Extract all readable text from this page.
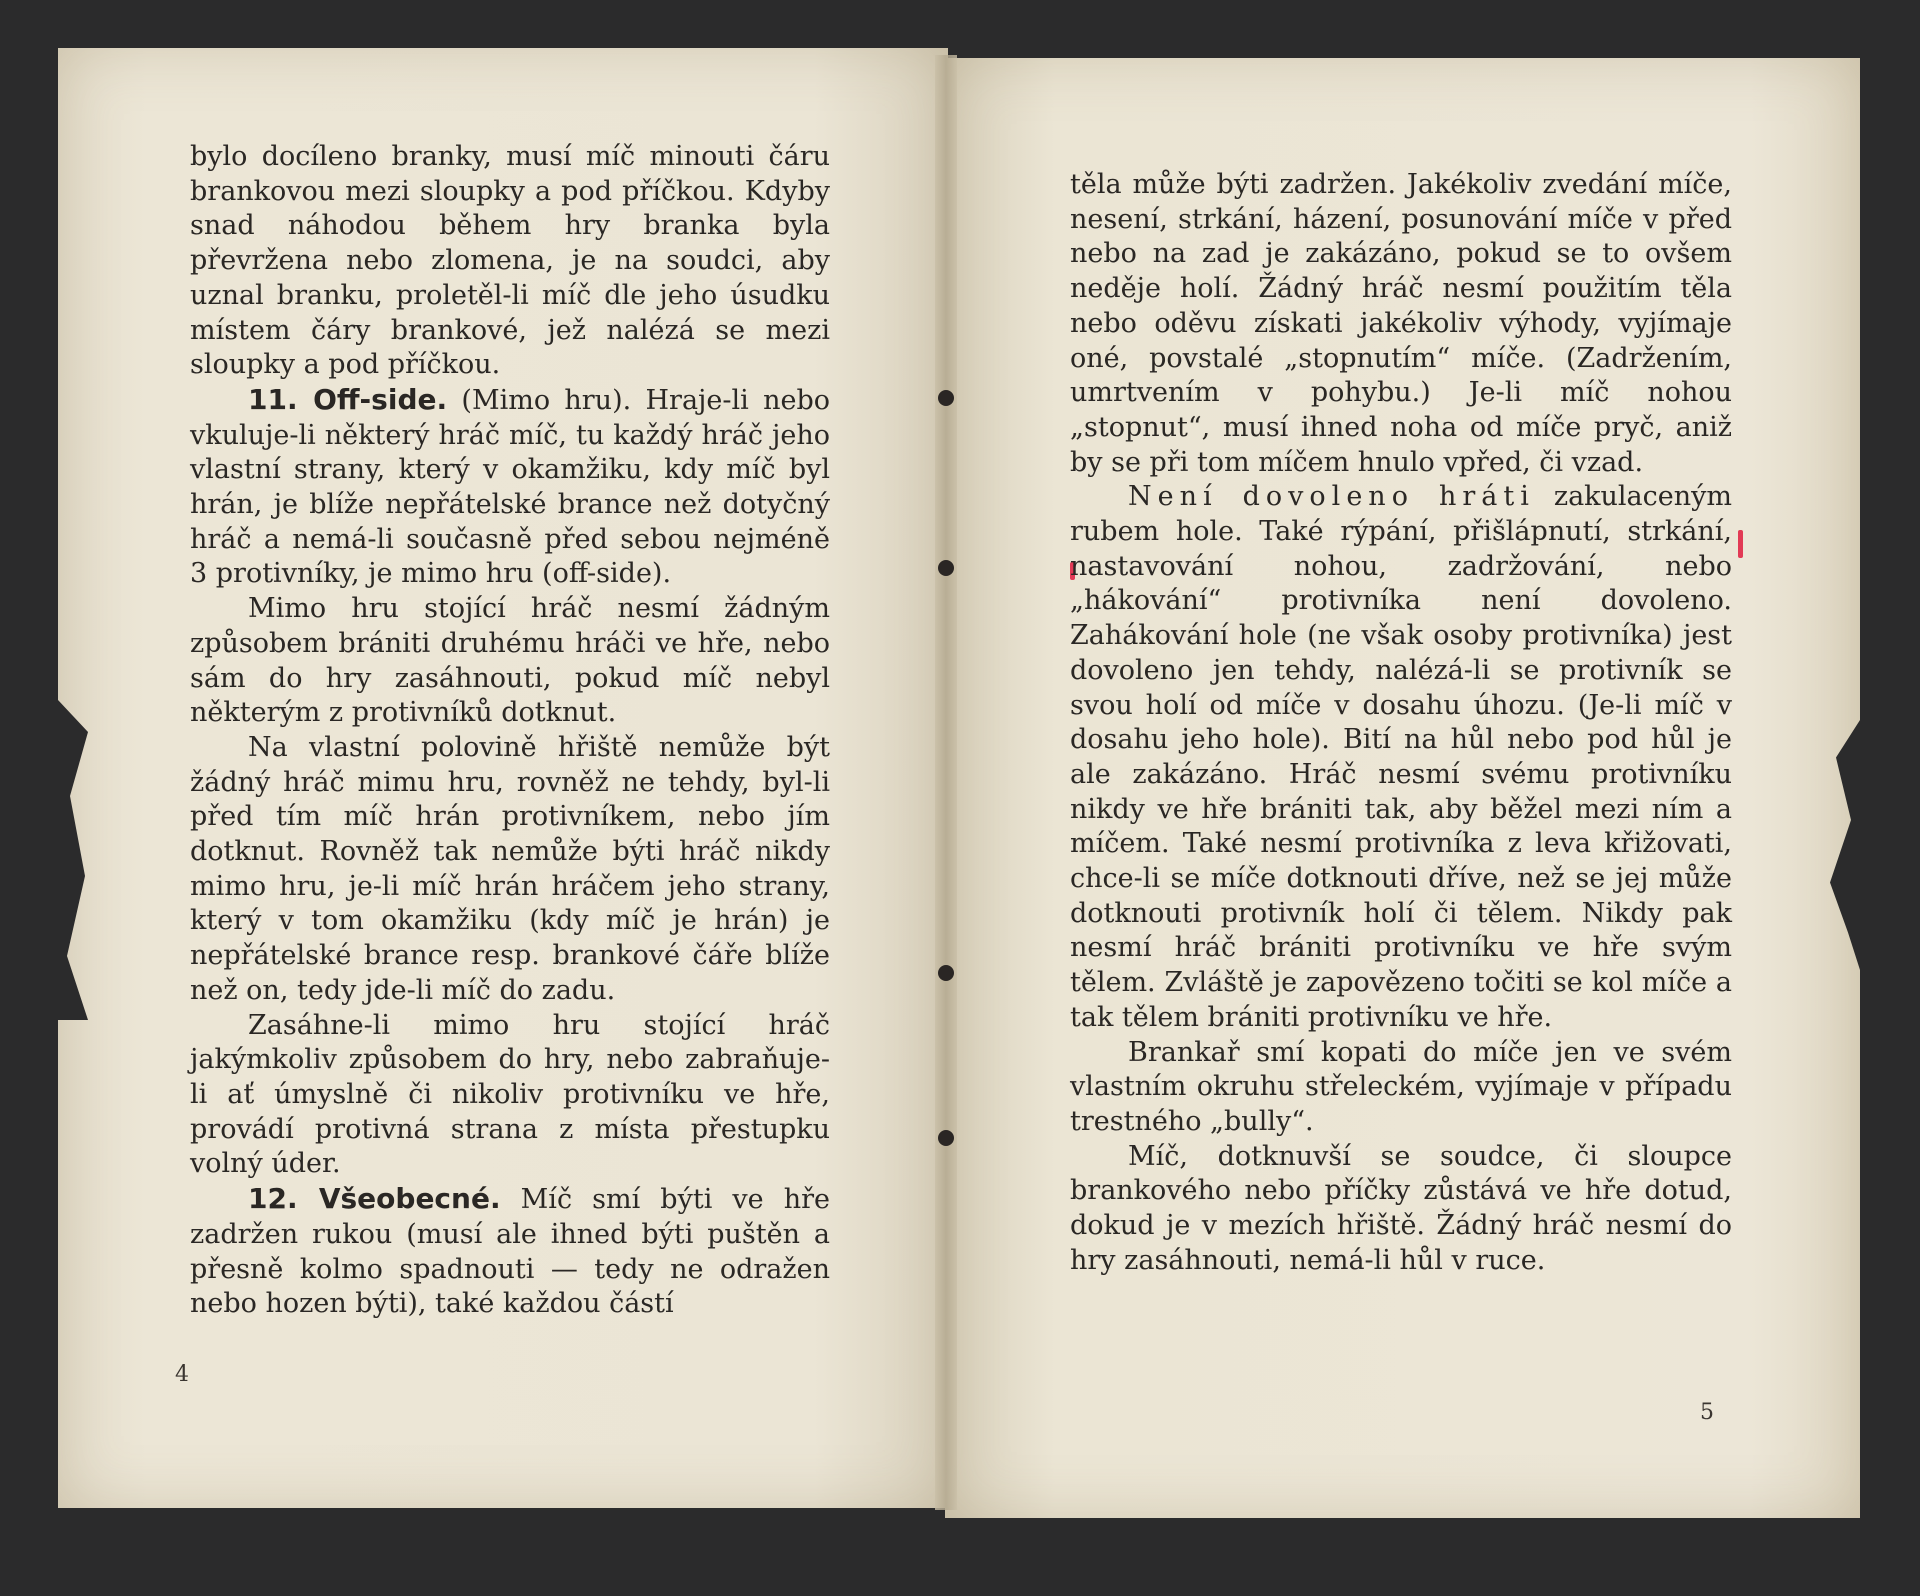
bylo docíleno branky, musí míč minouti čáru brankovou mezi sloupky a pod příčkou. Kdyby snad náhodou během hry branka byla převržena nebo zlomena, je na soudci, aby uznal branku, proletěl-li míč dle jeho úsudku místem čáry brankové, jež nalézá se mezi sloupky a pod příčkou.

11. Off-side. (Mimo hru). Hraje-li nebo vkuluje-li některý hráč míč, tu každý hráč jeho vlastní strany, který v okamžiku, kdy míč byl hrán, je blíže nepřátelské brance než dotyčný hráč a nemá-li současně před sebou nejméně 3 protivníky, je mimo hru (off-side).

Mimo hru stojící hráč nesmí žádným způsobem brániti druhému hráči ve hře, nebo sám do hry zasáhnouti, pokud míč nebyl některým z protivníků dotknut.

Na vlastní polovině hřiště nemůže být žádný hráč mimu hru, rovněž ne tehdy, byl-li před tím míč hrán protivníkem, nebo jím dotknut. Rovněž tak nemůže býti hráč nikdy mimo hru, je-li míč hrán hráčem jeho strany, který v tom okamžiku (kdy míč je hrán) je nepřátelské brance resp. brankové čáře blíže než on, tedy jde-li míč do zadu.

Zasáhne-li mimo hru stojící hráč jakýmkoliv způsobem do hry, nebo zabraňuje-li ať úmyslně či nikoliv protivníku ve hře, provádí protivná strana z místa přestupku volný úder.

12. Všeobecné. Míč smí býti ve hře zadržen rukou (musí ale ihned býti puštěn a přesně kolmo spadnouti — tedy ne odražen nebo hozen býti), také každou částí

4

těla může býti zadržen. Jakékoliv zvedání míče, nesení, strkání, házení, posunování míče v před nebo na zad je zakázáno, pokud se to ovšem neděje holí. Žádný hráč nesmí použitím těla nebo oděvu získati jakékoliv výhody, vyjímaje oné, povstalé „stopnutím“ míče. (Zadržením, umrtvením v pohybu.) Je-li míč nohou „stopnut“, musí ihned noha od míče pryč, aniž by se při tom míčem hnulo vpřed, či vzad.

Není dovoleno hráti zakulaceným rubem hole. Také rýpání, přišlápnutí, strkání, nastavování nohou, zadržování, nebo „hákování“ protivníka není dovoleno. Zahákování hole (ne však osoby protivníka) jest dovoleno jen tehdy, nalézá-li se protivník se svou holí od míče v dosahu úhozu. (Je-li míč v dosahu jeho hole). Bití na hůl nebo pod hůl je ale zakázáno. Hráč nesmí svému protivníku nikdy ve hře brániti tak, aby běžel mezi ním a míčem. Také nesmí protivníka z leva křižovati, chce-li se míče dotknouti dříve, než se jej může dotknouti protivník holí či tělem. Nikdy pak nesmí hráč brániti protivníku ve hře svým tělem. Zvláště je zapovězeno točiti se kol míče a tak tělem brániti protivníku ve hře.

Brankař smí kopati do míče jen ve svém vlastním okruhu střeleckém, vyjímaje v případu trestného „bully“.

Míč, dotknuvší se soudce, či sloupce brankového nebo příčky zůstává ve hře dotud, dokud je v mezích hřiště. Žádný hráč nesmí do hry zasáhnouti, nemá-li hůl v ruce.

5
